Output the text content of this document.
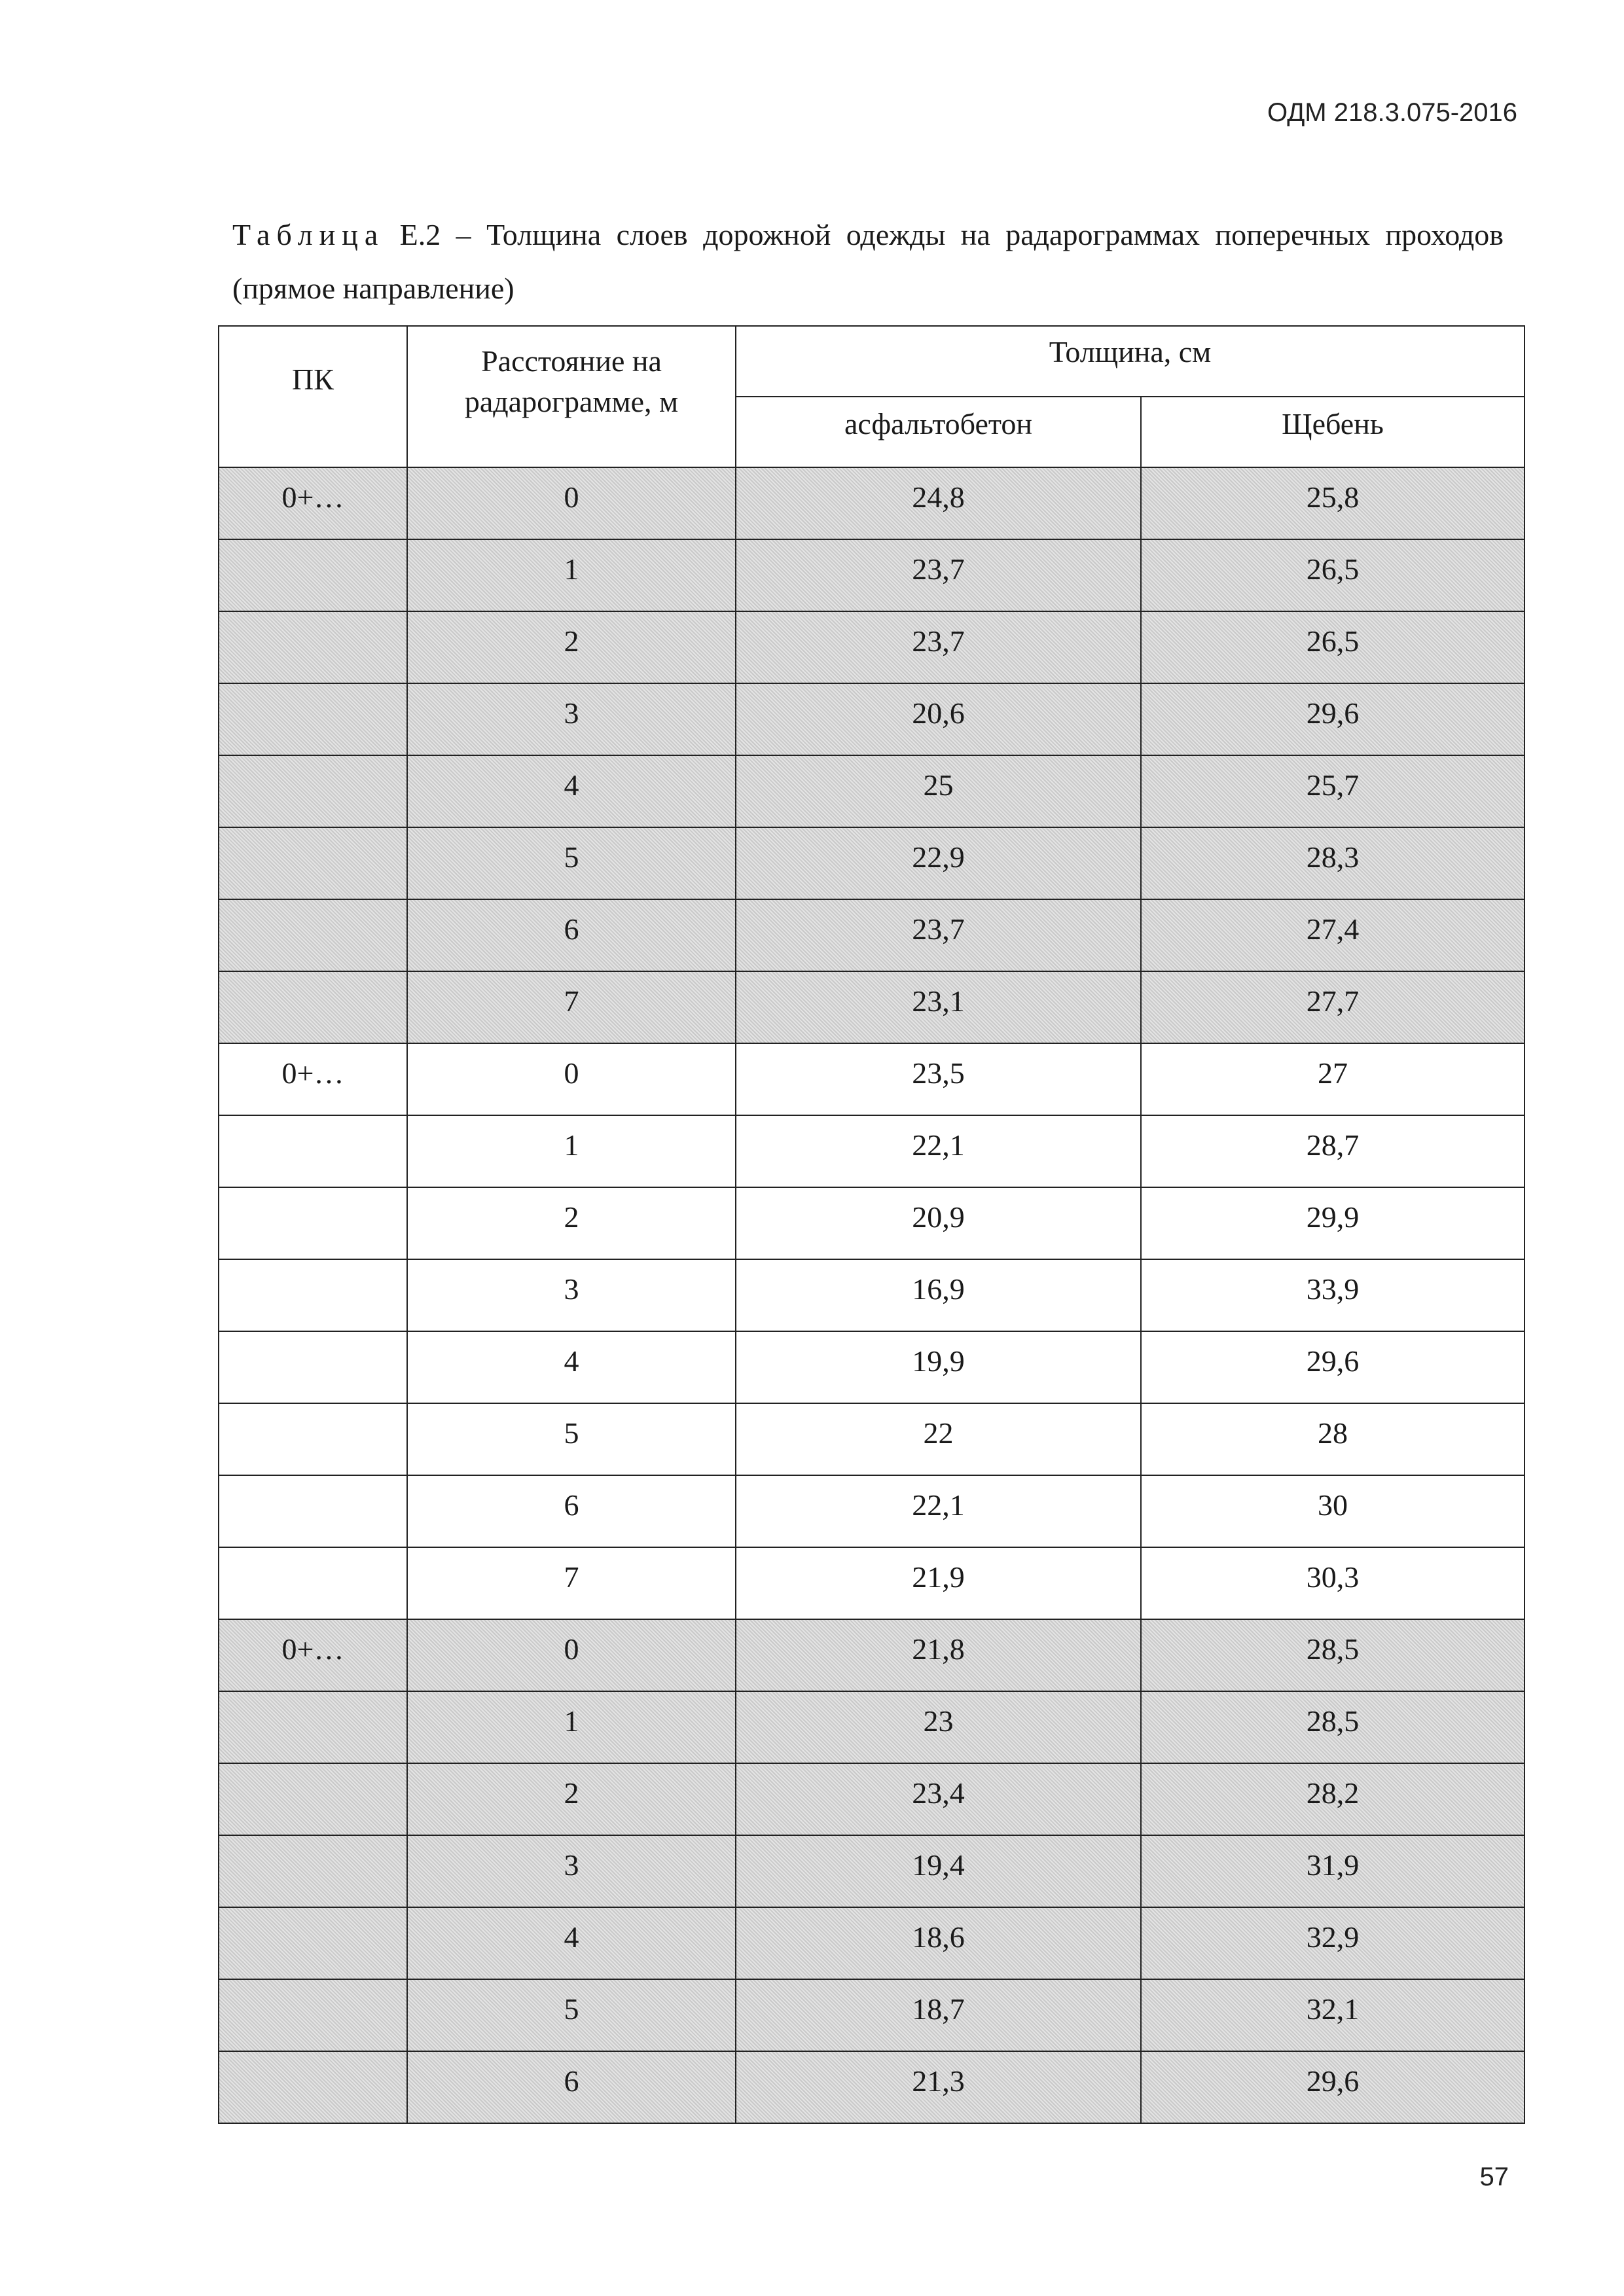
ОДМ 218.3.075-2016
Таблица Е.2 – Толщина слоев дорожной одежды на радарограммах поперечных проходов (прямое направление)
ПК	Расстояние на радарограмме, м	Толщина, см	
		асфальтобетон	Щебень
0+…	0	24,8	25,8
	1	23,7	26,5
	2	23,7	26,5
	3	20,6	29,6
	4	25	25,7
	5	22,9	28,3
	6	23,7	27,4
	7	23,1	27,7
0+…	0	23,5	27
	1	22,1	28,7
	2	20,9	29,9
	3	16,9	33,9
	4	19,9	29,6
	5	22	28
	6	22,1	30
	7	21,9	30,3
0+…	0	21,8	28,5
	1	23	28,5
	2	23,4	28,2
	3	19,4	31,9
	4	18,6	32,9
	5	18,7	32,1
	6	21,3	29,6
57
